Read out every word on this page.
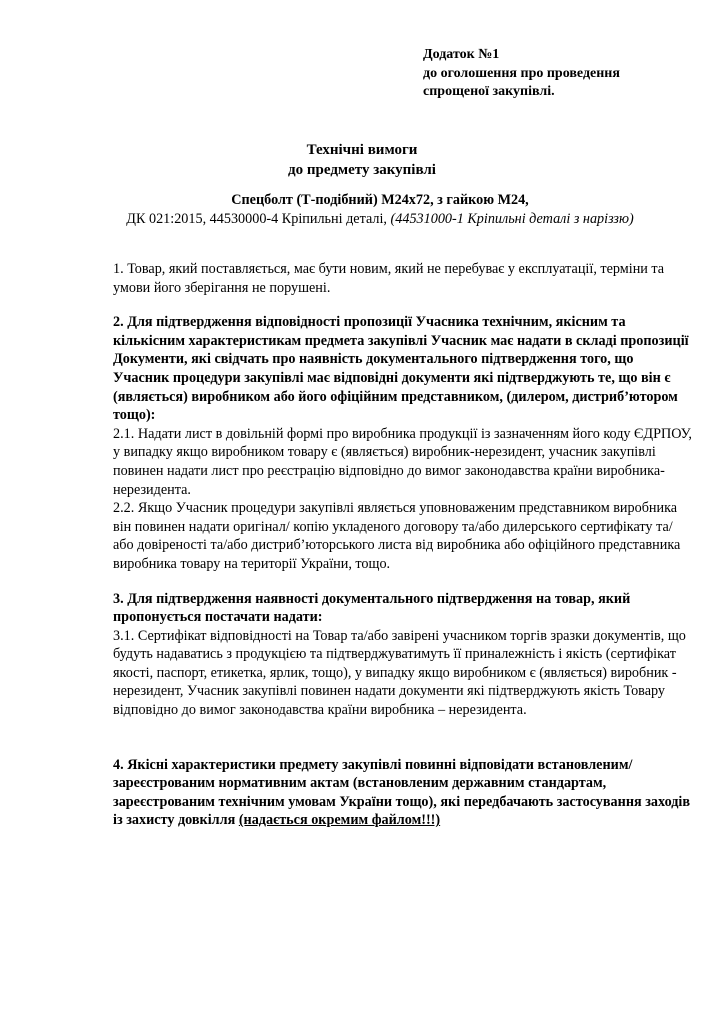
Додаток №1
до оголошення про проведення
спрощеної закупівлі.
Технічні вимоги
до предмету закупівлі
Спецболт (Т-подібний) М24х72, з гайкою М24,
ДК 021:2015, 44530000-4 Кріпильні деталі, (44531000-1 Кріпильні деталі з наріззю)

1. Товар, який поставляється, має бути новим, який не перебуває у експлуатації, терміни та умови його зберігання не порушені.

2. Для підтвердження відповідності пропозиції Учасника технічним, якісним та кількісним характеристикам предмета закупівлі Учасник має надати в складі пропозиції Документи, які свідчать про наявність документального підтвердження того, що Учасник процедури закупівлі має відповідні документи які підтверджують те, що він є (являється) виробником або його офіційним представником, (дилером, дистриб’ютором тощо):

2.1. Надати лист в довільній формі про виробника продукції із зазначенням його коду ЄДРПОУ, у випадку якщо виробником товару є (являється) виробник-нерезидент, учасник закупівлі повинен надати лист про реєстрацію відповідно до вимог законодавства країни виробника-нерезидента.

2.2. Якщо Учасник процедури закупівлі являється уповноваженим представником виробника він повинен надати оригінал/ копію укладеного договору та/або дилерського сертифікату та/або довіреності та/або дистриб’юторського листа від виробника або офіційного представника виробника товару на території України, тощо.

3. Для підтвердження наявності документального підтвердження на товар, який пропонується постачати надати:

3.1. Сертифікат відповідності на Товар та/або завірені учасником торгів зразки документів, що будуть надаватись з продукцією та підтверджуватимуть її приналежність і якість (сертифікат якості, паспорт, етикетка, ярлик, тощо), у випадку якщо виробником є (являється) виробник - нерезидент, Учасник закупівлі повинен надати документи які підтверджують якість Товару відповідно до вимог законодавства країни виробника – нерезидента.

4. Якісні характеристики предмету закупівлі повинні відповідати встановленим/зареєстрованим нормативним актам (встановленим державним стандартам, зареєстрованим технічним умовам України тощо), які передбачають застосування заходів із захисту довкілля (надається окремим файлом!!!)
